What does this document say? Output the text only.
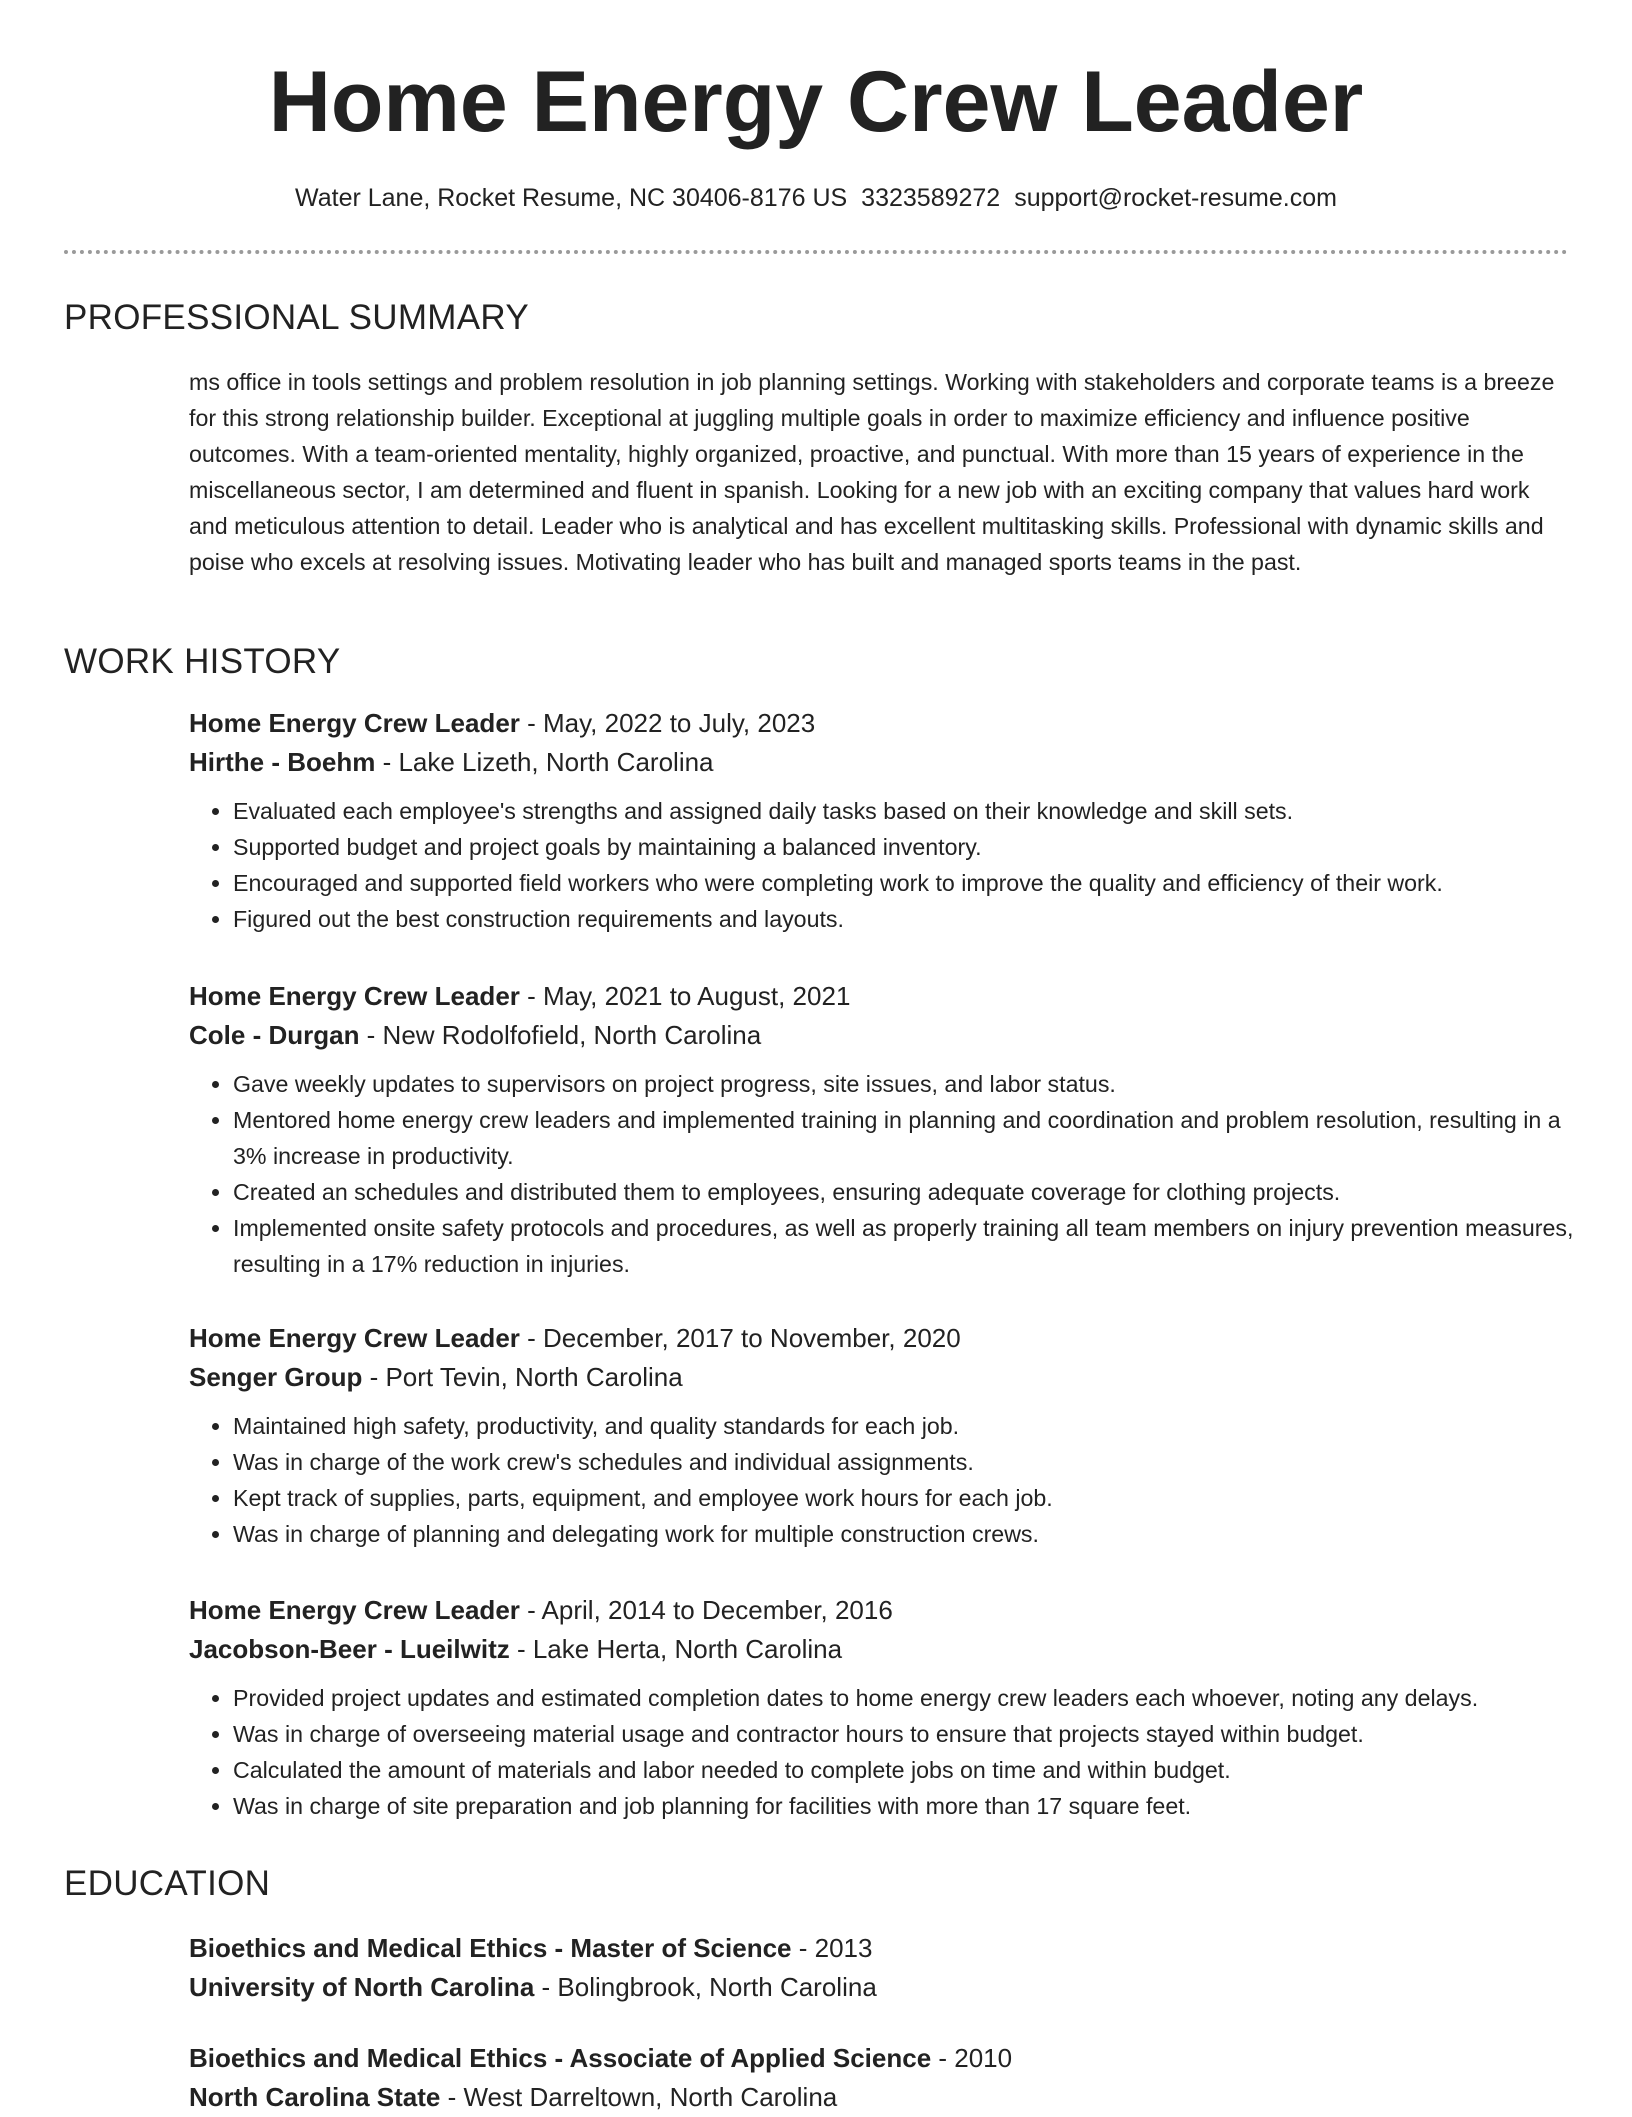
Home Energy Crew Leader
Water Lane, Rocket Resume, NC 30406-8176 US 3323589272 support@rocket-resume.com
PROFESSIONAL SUMMARY
ms office in tools settings and problem resolution in job planning settings. Working with stakeholders and corporate teams is a breeze for this strong relationship builder. Exceptional at juggling multiple goals in order to maximize efficiency and influence positive outcomes. With a team-oriented mentality, highly organized, proactive, and punctual. With more than 15 years of experience in the miscellaneous sector, I am determined and fluent in spanish. Looking for a new job with an exciting company that values hard work and meticulous attention to detail. Leader who is analytical and has excellent multitasking skills. Professional with dynamic skills and poise who excels at resolving issues. Motivating leader who has built and managed sports teams in the past.
WORK HISTORY
Home Energy Crew Leader - May, 2022 to July, 2023
Hirthe - Boehm - Lake Lizeth, North Carolina
• Evaluated each employee's strengths and assigned daily tasks based on their knowledge and skill sets.
• Supported budget and project goals by maintaining a balanced inventory.
• Encouraged and supported field workers who were completing work to improve the quality and efficiency of their work.
• Figured out the best construction requirements and layouts.
Home Energy Crew Leader - May, 2021 to August, 2021
Cole - Durgan - New Rodolfofield, North Carolina
• Gave weekly updates to supervisors on project progress, site issues, and labor status.
• Mentored home energy crew leaders and implemented training in planning and coordination and problem resolution, resulting in a 3% increase in productivity.
• Created an schedules and distributed them to employees, ensuring adequate coverage for clothing projects.
• Implemented onsite safety protocols and procedures, as well as properly training all team members on injury prevention measures, resulting in a 17% reduction in injuries.
Home Energy Crew Leader - December, 2017 to November, 2020
Senger Group - Port Tevin, North Carolina
• Maintained high safety, productivity, and quality standards for each job.
• Was in charge of the work crew's schedules and individual assignments.
• Kept track of supplies, parts, equipment, and employee work hours for each job.
• Was in charge of planning and delegating work for multiple construction crews.
Home Energy Crew Leader - April, 2014 to December, 2016
Jacobson-Beer - Lueilwitz - Lake Herta, North Carolina
• Provided project updates and estimated completion dates to home energy crew leaders each whoever, noting any delays.
• Was in charge of overseeing material usage and contractor hours to ensure that projects stayed within budget.
• Calculated the amount of materials and labor needed to complete jobs on time and within budget.
• Was in charge of site preparation and job planning for facilities with more than 17 square feet.
EDUCATION
Bioethics and Medical Ethics - Master of Science - 2013
University of North Carolina - Bolingbrook, North Carolina
Bioethics and Medical Ethics - Associate of Applied Science - 2010
North Carolina State - West Darreltown, North Carolina
